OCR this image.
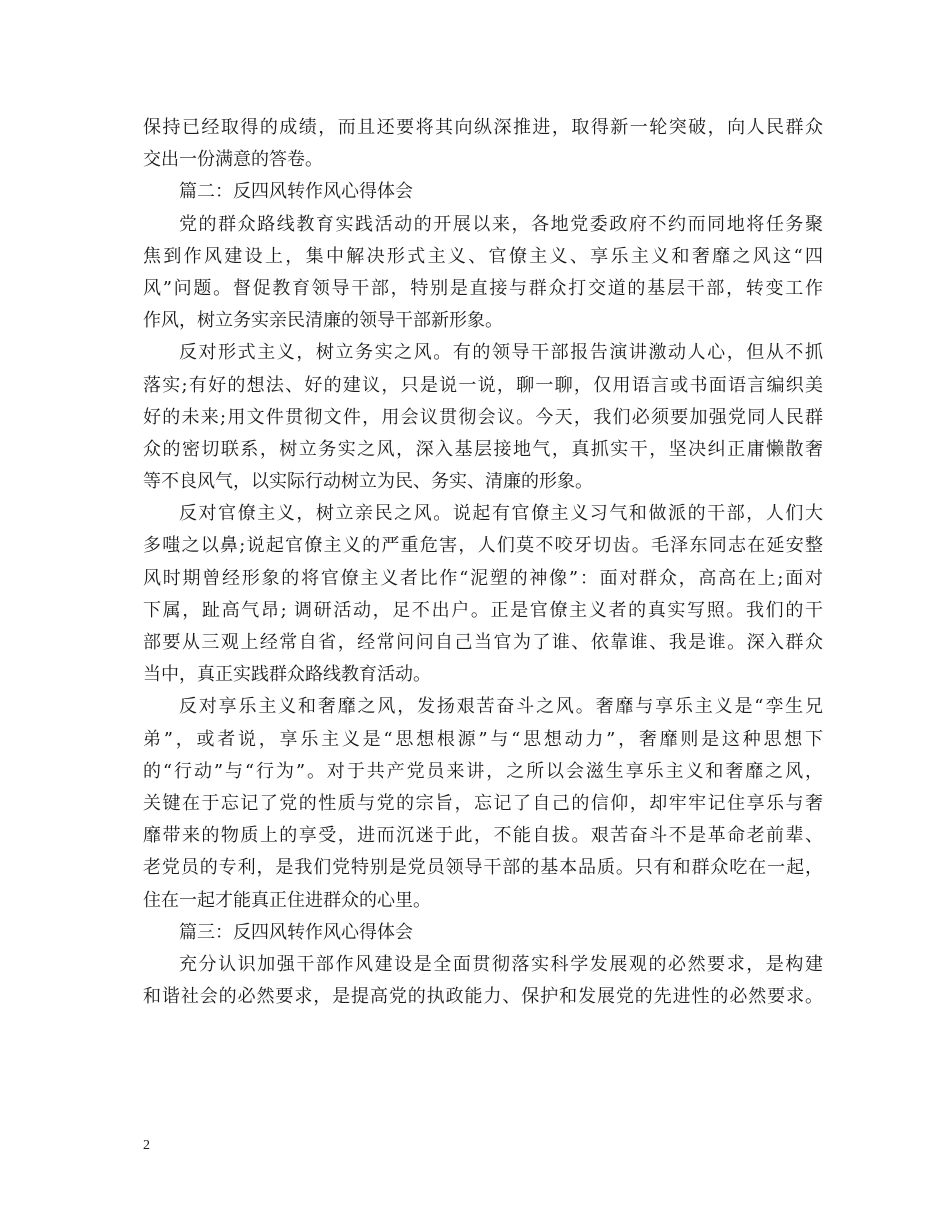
保持已经取得的成绩，而且还要将其向纵深推进，取得新一轮突破，向人民群众
交出一份满意的答卷。
篇二：反四风转作风心得体会
党的群众路线教育实践活动的开展以来，各地党委政府不约而同地将任务聚
焦到作风建设上，集中解决形式主义、官僚主义、享乐主义和奢靡之风这“四
风”问题。督促教育领导干部，特别是直接与群众打交道的基层干部，转变工作
作风，树立务实亲民清廉的领导干部新形象。
反对形式主义，树立务实之风。有的领导干部报告演讲激动人心，但从不抓
落实;有好的想法、好的建议，只是说一说，聊一聊，仅用语言或书面语言编织美
好的未来;用文件贯彻文件，用会议贯彻会议。今天，我们必须要加强党同人民群
众的密切联系，树立务实之风，深入基层接地气，真抓实干，坚决纠正庸懒散奢
等不良风气，以实际行动树立为民、务实、清廉的形象。
反对官僚主义，树立亲民之风。说起有官僚主义习气和做派的干部，人们大
多嗤之以鼻;说起官僚主义的严重危害，人们莫不咬牙切齿。毛泽东同志在延安整
风时期曾经形象的将官僚主义者比作“泥塑的神像”：面对群众，高高在上;面对
下属，趾高气昂; 调研活动，足不出户。正是官僚主义者的真实写照。我们的干
部要从三观上经常自省，经常问问自己当官为了谁、依靠谁、我是谁。深入群众
当中，真正实践群众路线教育活动。
反对享乐主义和奢靡之风，发扬艰苦奋斗之风。奢靡与享乐主义是“孪生兄
弟”，或者说，享乐主义是“思想根源”与“思想动力”，奢靡则是这种思想下
的“行动”与“行为”。对于共产党员来讲，之所以会滋生享乐主义和奢靡之风，
关键在于忘记了党的性质与党的宗旨，忘记了自己的信仰，却牢牢记住享乐与奢
靡带来的物质上的享受，进而沉迷于此，不能自拔。艰苦奋斗不是革命老前辈、
老党员的专利，是我们党特别是党员领导干部的基本品质。只有和群众吃在一起，
住在一起才能真正住进群众的心里。
篇三：反四风转作风心得体会
充分认识加强干部作风建设是全面贯彻落实科学发展观的必然要求，是构建
和谐社会的必然要求，是提高党的执政能力、保护和发展党的先进性的必然要求。
2
